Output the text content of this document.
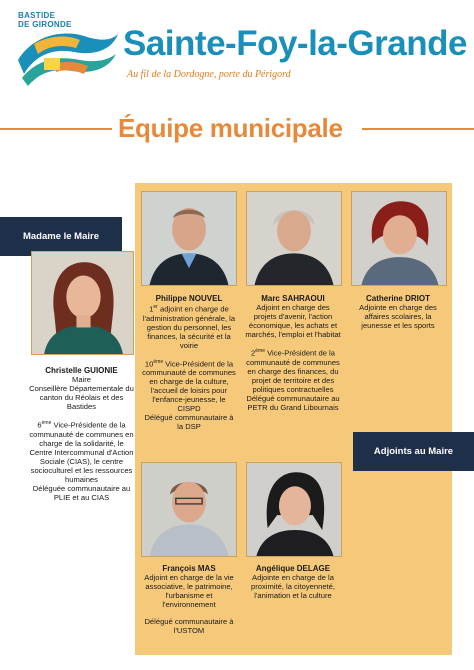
BASTIDE
DE GIRONDE Sainte-Foy-la-Grande
Au fil de la Dordogne, porte du Périgord
Équipe municipale
Madame le Maire
Adjoints au Maire
Christelle GUIONIE

Maire

Conseillère Départementale du canton du Réolais et des Bastides

6ème Vice-Présidente de la communauté de communes en charge de la solidarité, le Centre Intercommunal d'Action Sociale (CIAS), le centre socioculturel et les ressources humaines

Déléguée communautaire au PLIE et au CIAS

Philippe NOUVEL

1er adjoint en charge de l'administration générale, la gestion du personnel, les finances, la sécurité et la voirie

10ème Vice-Président de la communauté de communes en charge de la culture, l'accueil de loisirs pour l'enfance-jeunesse, le CISPD

Délégué communautaire à la DSP

Marc SAHRAOUI

Adjoint en charge des projets d'avenir, l'action économique, les achats et marchés, l'emploi et l'habitat

2ème Vice-Président de la communauté de communes en charge des finances, du projet de territoire et des politiques contractuelles

Délégué communautaire au PETR du Grand Libournais

Catherine DRIOT

Adjointe en charge des affaires scolaires, la jeunesse et les sports

François MAS

Adjoint en charge de la vie associative, le patrimoine, l'urbanisme et l'environnement

Délégué communautaire à l'USTOM

Angélique DELAGE

Adjointe en charge de la proximité, la citoyenneté, l'animation et la culture
